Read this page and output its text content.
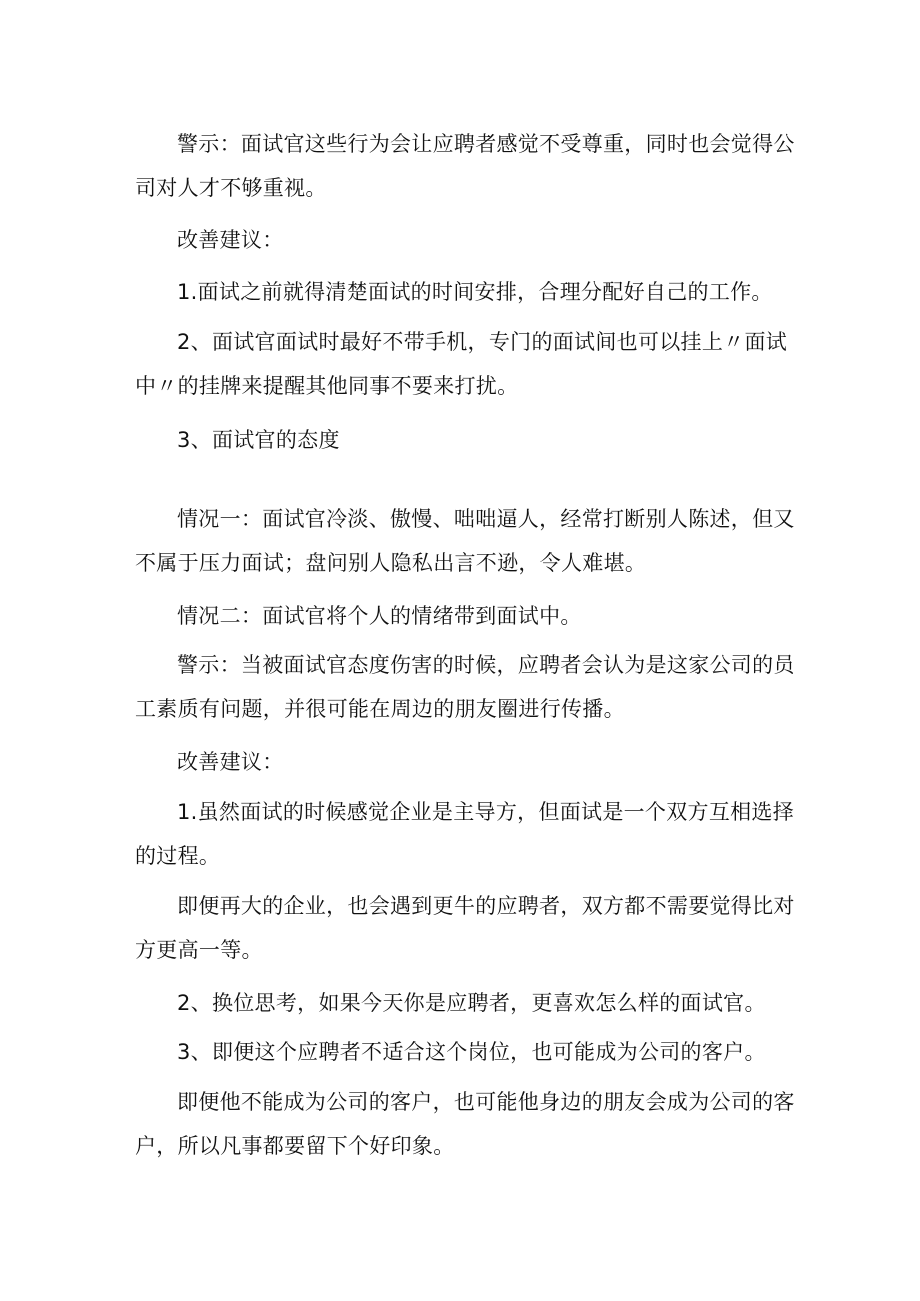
警示：面试官这些行为会让应聘者感觉不受尊重，同时也会觉得公司对人才不够重视。

改善建议：

1.面试之前就得清楚面试的时间安排，合理分配好自己的工作。

2、面试官面试时最好不带手机，专门的面试间也可以挂上〃面试中〃的挂牌来提醒其他同事不要来打扰。

3、面试官的态度

情况一：面试官冷淡、傲慢、咄咄逼人，经常打断别人陈述，但又不属于压力面试；盘问别人隐私出言不逊，令人难堪。

情况二：面试官将个人的情绪带到面试中。

警示：当被面试官态度伤害的时候，应聘者会认为是这家公司的员工素质有问题，并很可能在周边的朋友圈进行传播。

改善建议：

1.虽然面试的时候感觉企业是主导方，但面试是一个双方互相选择的过程。

即便再大的企业，也会遇到更牛的应聘者，双方都不需要觉得比对方更高一等。

2、换位思考，如果今天你是应聘者，更喜欢怎么样的面试官。

3、即便这个应聘者不适合这个岗位，也可能成为公司的客户。

即便他不能成为公司的客户，也可能他身边的朋友会成为公司的客户，所以凡事都要留下个好印象。
